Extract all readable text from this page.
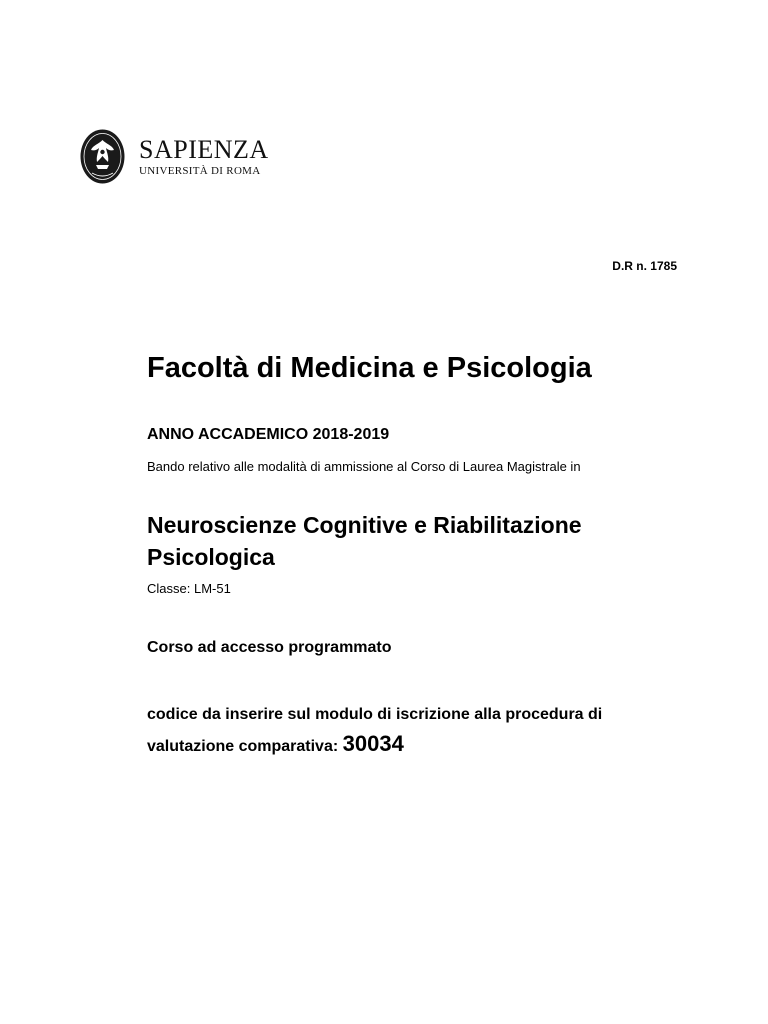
SAPIENZA
UNIVERSITÀ DI ROMA
D.R n. 1785
Facoltà di Medicina e Psicologia
ANNO ACCADEMICO 2018-2019
Bando relativo alle modalità di ammissione al Corso di Laurea Magistrale in
Neuroscienze Cognitive e Riabilitazione Psicologica
Classe: LM-51
Corso ad accesso programmato
codice da inserire sul modulo di iscrizione alla procedura di valutazione comparativa: 30034
